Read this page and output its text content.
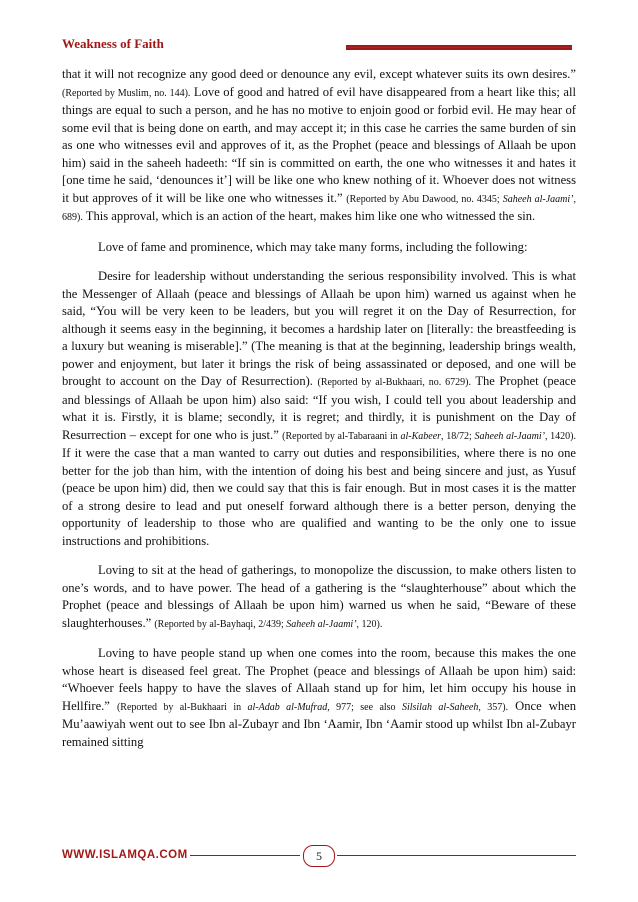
Weakness of Faith

that it will not recognize any good deed or denounce any evil, except whatever suits its own desires.” (Reported by Muslim, no. 144). Love of good and hatred of evil have disappeared from a heart like this; all things are equal to such a person, and he has no motive to enjoin good or forbid evil. He may hear of some evil that is being done on earth, and may accept it; in this case he carries the same burden of sin as one who witnesses evil and approves of it, as the Prophet (peace and blessings of Allaah be upon him) said in the saheeh hadeeth: “If sin is committed on earth, the one who witnesses it and hates it [one time he said, ‘denounces it’] will be like one who knew nothing of it. Whoever does not witness it but approves of it will be like one who witnesses it.” (Reported by Abu Dawood, no. 4345; Saheeh al-Jaami’, 689). This approval, which is an action of the heart, makes him like one who witnessed the sin.

Love of fame and prominence, which may take many forms, including the following:

Desire for leadership without understanding the serious responsibility involved. This is what the Messenger of Allaah (peace and blessings of Allaah be upon him) warned us against when he said, “You will be very keen to be leaders, but you will regret it on the Day of Resurrection, for although it seems easy in the beginning, it becomes a hardship later on [literally: the breastfeeding is a luxury but weaning is miserable].” (The meaning is that at the beginning, leadership brings wealth, power and enjoyment, but later it brings the risk of being assassinated or deposed, and one will be brought to account on the Day of Resurrection). (Reported by al-Bukhaari, no. 6729). The Prophet (peace and blessings of Allaah be upon him) also said: “If you wish, I could tell you about leadership and what it is. Firstly, it is blame; secondly, it is regret; and thirdly, it is punishment on the Day of Resurrection – except for one who is just.” (Reported by al-Tabaraani in al-Kabeer, 18/72; Saheeh al-Jaami’, 1420). If it were the case that a man wanted to carry out duties and responsibilities, where there is no one better for the job than him, with the intention of doing his best and being sincere and just, as Yusuf (peace be upon him) did, then we could say that this is fair enough. But in most cases it is the matter of a strong desire to lead and put oneself forward although there is a better person, denying the opportunity of leadership to those who are qualified and wanting to be the only one to issue instructions and prohibitions.

Loving to sit at the head of gatherings, to monopolize the discussion, to make others listen to one’s words, and to have power. The head of a gathering is the “slaughterhouse” about which the Prophet (peace and blessings of Allaah be upon him) warned us when he said, “Beware of these slaughterhouses.” (Reported by al-Bayhaqi, 2/439; Saheeh al-Jaami’, 120).

Loving to have people stand up when one comes into the room, because this makes the one whose heart is diseased feel great. The Prophet (peace and blessings of Allaah be upon him) said: “Whoever feels happy to have the slaves of Allaah stand up for him, let him occupy his house in Hellfire.” (Reported by al-Bukhaari in al-Adab al-Mufrad, 977; see also Silsilah al-Saheeh, 357). Once when Mu’aawiyah went out to see Ibn al-Zubayr and Ibn ‘Aamir, Ibn ‘Aamir stood up whilst Ibn al-Zubayr remained sitting

WWW.ISLAMQA.COM	5
